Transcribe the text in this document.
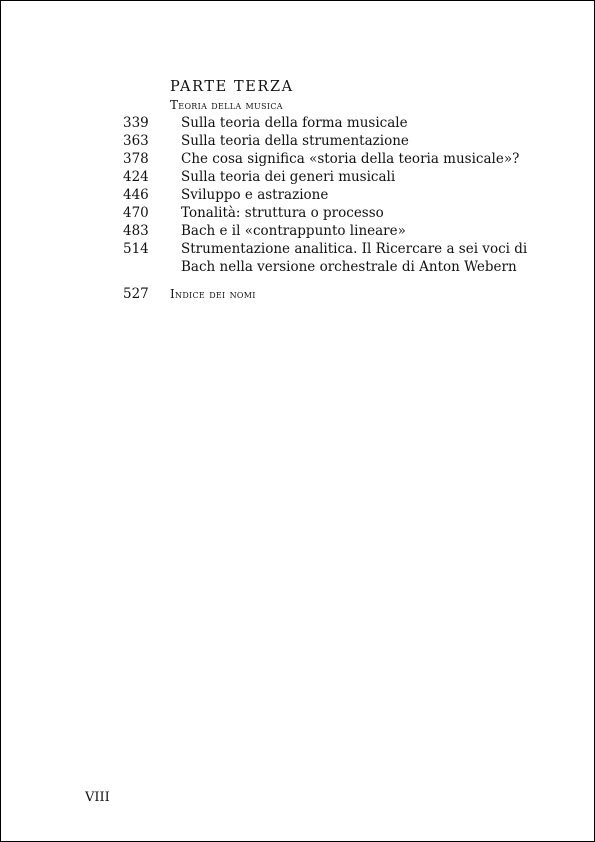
PARTE TERZA
Teoria della musica
339	Sulla teoria della forma musicale
363	Sulla teoria della strumentazione
378	Che cosa significa «storia della teoria musicale»?
424	Sulla teoria dei generi musicali
446	Sviluppo e astrazione
470	Tonalità: struttura o processo
483	Bach e il «contrappunto lineare»
514	Strumentazione analitica. Il Ricercare a sei voci di
Bach nella versione orchestrale di Anton Webern
527 Indice dei nomi
VIII
